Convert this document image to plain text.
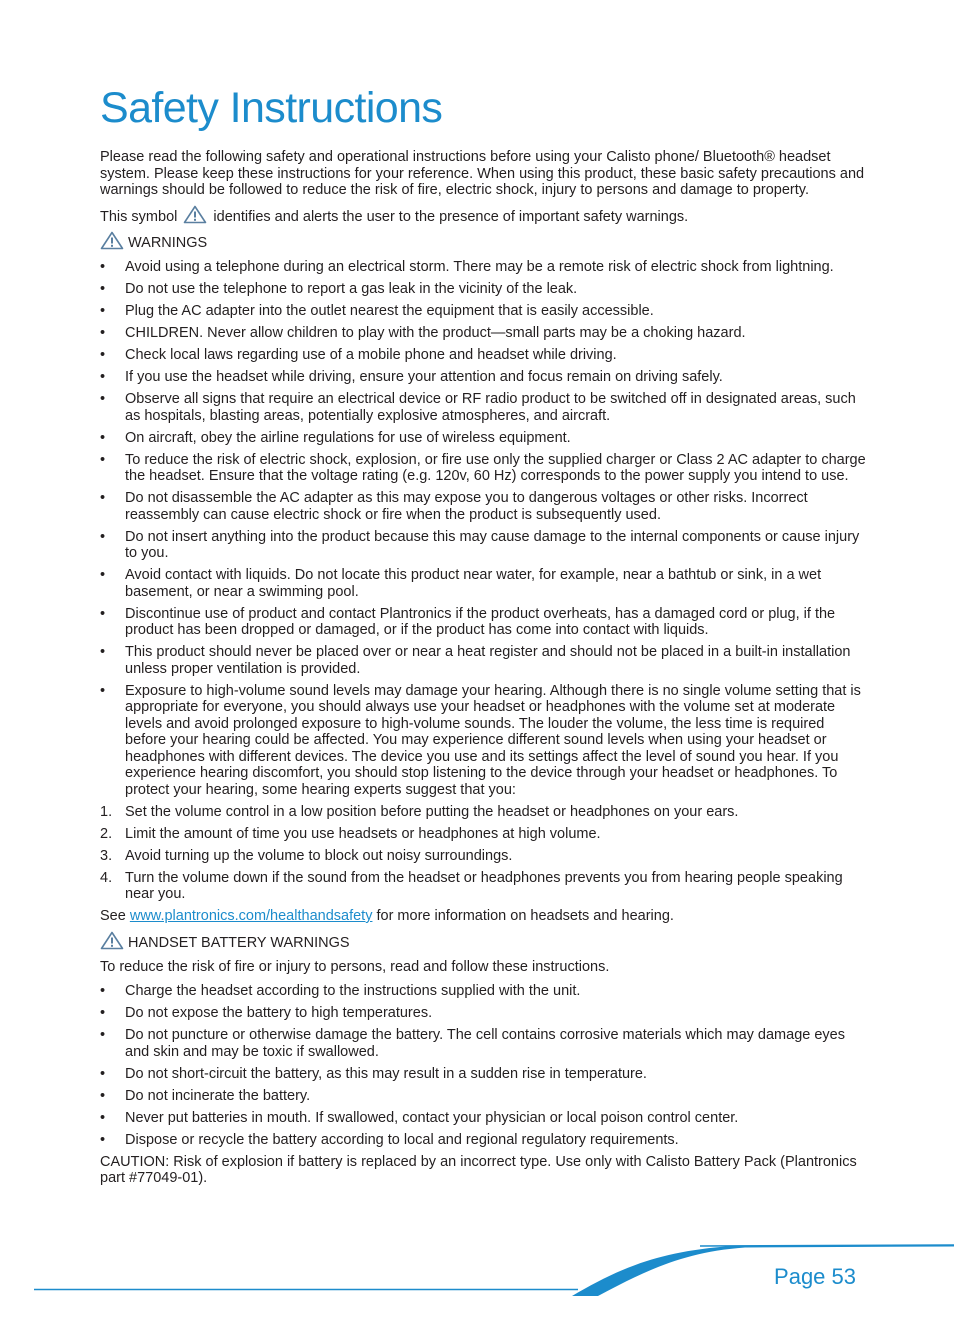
Safety Instructions

Please read the following safety and operational instructions before using your Calisto phone/ Bluetooth® headset system. Please keep these instructions for your reference. When using this product, these basic safety precautions and warnings should be followed to reduce the risk of fire, electric shock, injury to persons and damage to property.

This symbol identifies and alerts the user to the presence of important safety warnings.

WARNINGS
• Avoid using a telephone during an electrical storm. There may be a remote risk of electric shock from lightning.
• Do not use the telephone to report a gas leak in the vicinity of the leak.
• Plug the AC adapter into the outlet nearest the equipment that is easily accessible.
• CHILDREN. Never allow children to play with the product—small parts may be a choking hazard.
• Check local laws regarding use of a mobile phone and headset while driving.
• If you use the headset while driving, ensure your attention and focus remain on driving safely.
• Observe all signs that require an electrical device or RF radio product to be switched off in designated areas, such as hospitals, blasting areas, potentially explosive atmospheres, and aircraft.
• On aircraft, obey the airline regulations for use of wireless equipment.
• To reduce the risk of electric shock, explosion, or fire use only the supplied charger or Class 2 AC adapter to charge the headset. Ensure that the voltage rating (e.g. 120v, 60 Hz) corresponds to the power supply you intend to use.
• Do not disassemble the AC adapter as this may expose you to dangerous voltages or other risks. Incorrect reassembly can cause electric shock or fire when the product is subsequently used.
• Do not insert anything into the product because this may cause damage to the internal components or cause injury to you.
• Avoid contact with liquids. Do not locate this product near water, for example, near a bathtub or sink, in a wet basement, or near a swimming pool.
• Discontinue use of product and contact Plantronics if the product overheats, has a damaged cord or plug, if the product has been dropped or damaged, or if the product has come into contact with liquids.
• This product should never be placed over or near a heat register and should not be placed in a built-in installation unless proper ventilation is provided.
• Exposure to high-volume sound levels may damage your hearing. Although there is no single volume setting that is appropriate for everyone, you should always use your headset or headphones with the volume set at moderate levels and avoid prolonged exposure to high-volume sounds. The louder the volume, the less time is required before your hearing could be affected. You may experience different sound levels when using your headset or headphones with different devices. The device you use and its settings affect the level of sound you hear. If you experience hearing discomfort, you should stop listening to the device through your headset or headphones. To protect your hearing, some hearing experts suggest that you:
1. Set the volume control in a low position before putting the headset or headphones on your ears.
2. Limit the amount of time you use headsets or headphones at high volume.
3. Avoid turning up the volume to block out noisy surroundings.
4. Turn the volume down if the sound from the headset or headphones prevents you from hearing people speaking near you.

See www.plantronics.com/healthandsafety for more information on headsets and hearing.

HANDSET BATTERY WARNINGS

To reduce the risk of fire or injury to persons, read and follow these instructions.

• Charge the headset according to the instructions supplied with the unit.
• Do not expose the battery to high temperatures.
• Do not puncture or otherwise damage the battery. The cell contains corrosive materials which may damage eyes and skin and may be toxic if swallowed.
• Do not short-circuit the battery, as this may result in a sudden rise in temperature.
• Do not incinerate the battery.
• Never put batteries in mouth. If swallowed, contact your physician or local poison control center.
• Dispose or recycle the battery according to local and regional regulatory requirements.

CAUTION: Risk of explosion if battery is replaced by an incorrect type. Use only with Calisto Battery Pack (Plantronics part #77049-01).

Page 53
